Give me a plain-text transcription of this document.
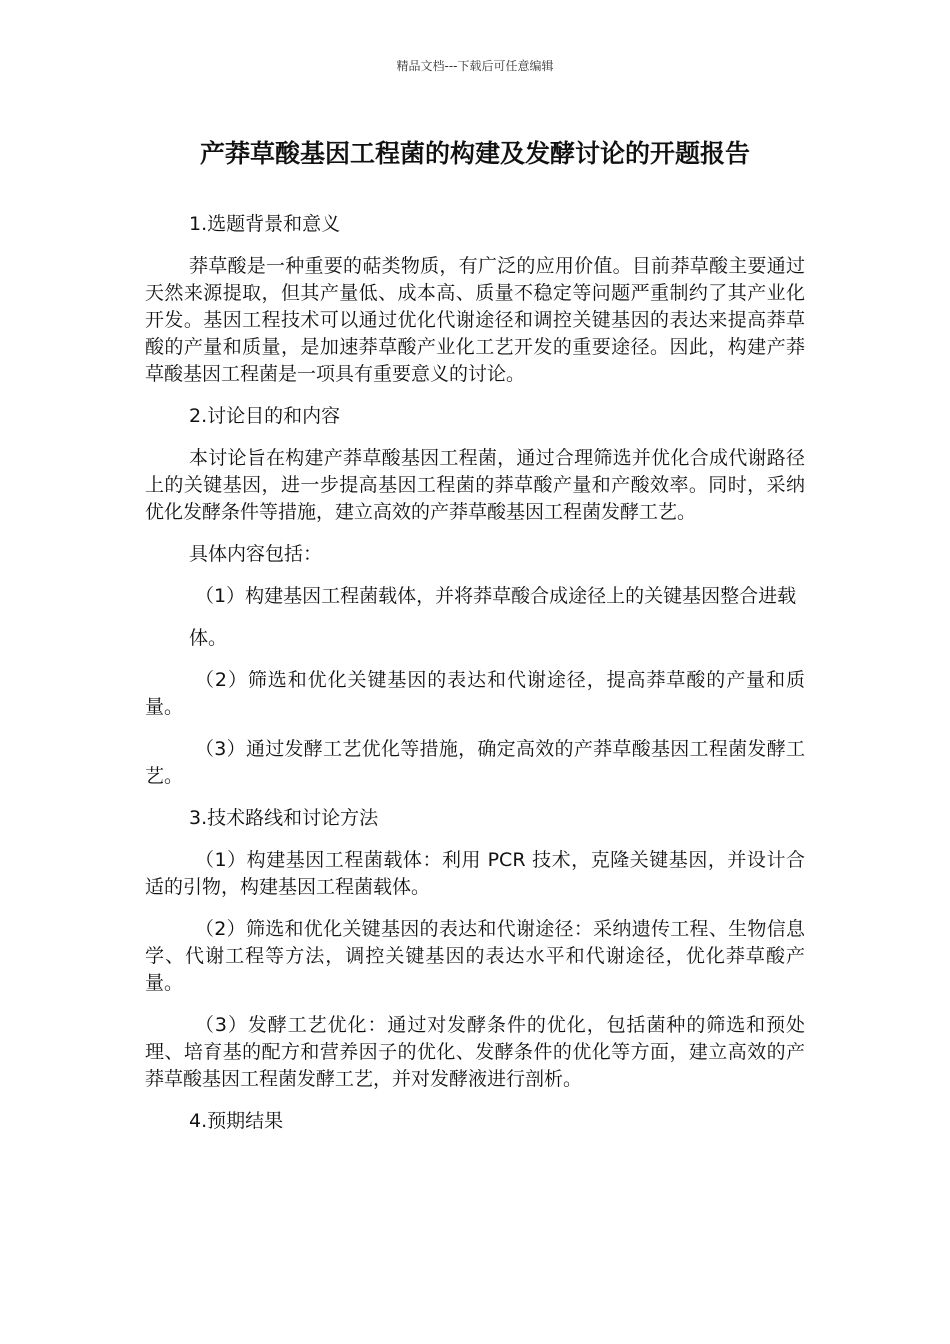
精品文档---下载后可任意编辑
产莽草酸基因工程菌的构建及发酵讨论的开题报告
1.选题背景和意义

莽草酸是一种重要的萜类物质，有广泛的应用价值。目前莽草酸主要通过天然来源提取，但其产量低、成本高、质量不稳定等问题严重制约了其产业化开发。基因工程技术可以通过优化代谢途径和调控关键基因的表达来提高莽草酸的产量和质量，是加速莽草酸产业化工艺开发的重要途径。因此，构建产莽草酸基因工程菌是一项具有重要意义的讨论。

2.讨论目的和内容

本讨论旨在构建产莽草酸基因工程菌，通过合理筛选并优化合成代谢路径上的关键基因，进一步提高基因工程菌的莽草酸产量和产酸效率。同时，采纳优化发酵条件等措施，建立高效的产莽草酸基因工程菌发酵工艺。

具体内容包括：

（1）构建基因工程菌载体，并将莽草酸合成途径上的关键基因整合进载

体。

（2）筛选和优化关键基因的表达和代谢途径，提高莽草酸的产量和质量。

（3）通过发酵工艺优化等措施，确定高效的产莽草酸基因工程菌发酵工艺。

3.技术路线和讨论方法

（1）构建基因工程菌载体：利用 PCR 技术，克隆关键基因，并设计合适的引物，构建基因工程菌载体。

（2）筛选和优化关键基因的表达和代谢途径：采纳遗传工程、生物信息学、代谢工程等方法，调控关键基因的表达水平和代谢途径，优化莽草酸产量。

（3）发酵工艺优化：通过对发酵条件的优化，包括菌种的筛选和预处理、培育基的配方和营养因子的优化、发酵条件的优化等方面，建立高效的产莽草酸基因工程菌发酵工艺，并对发酵液进行剖析。

4.预期结果
